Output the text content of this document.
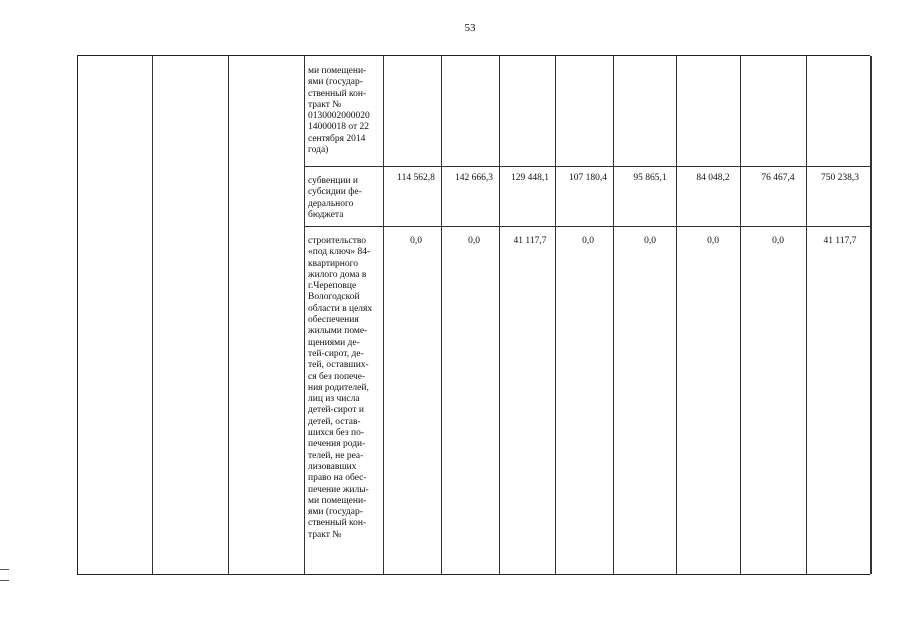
53
ми помещени-
ями (государ-
ственный кон-
тракт №
0130002000020
14000018 от 22
сентября 2014
года)
субвенции и
субсидии фе-
дерального
бюджета
114 562,8	142 666,3	129 448,1	107 180,4	95 865,1	84 048,2	76 467,4	750 238,3
строительство
«под ключ» 84-
квартирного
жилого дома в
г.Череповце
Вологодской
области в целях
обеспечения
жилыми поме-
щениями де-
тей-сирот, де-
тей, оставших-
ся без попече-
ния родителей,
лиц из числа
детей-сирот и
детей, остав-
шихся без по-
печения роди-
телей, не реа-
лизовавших
право на обес-
печение жилы-
ми помещени-
ями (государ-
ственный кон-
тракт №
0,0	0,0	41 117,7	0,0	0,0	0,0	0,0	41 117,7
